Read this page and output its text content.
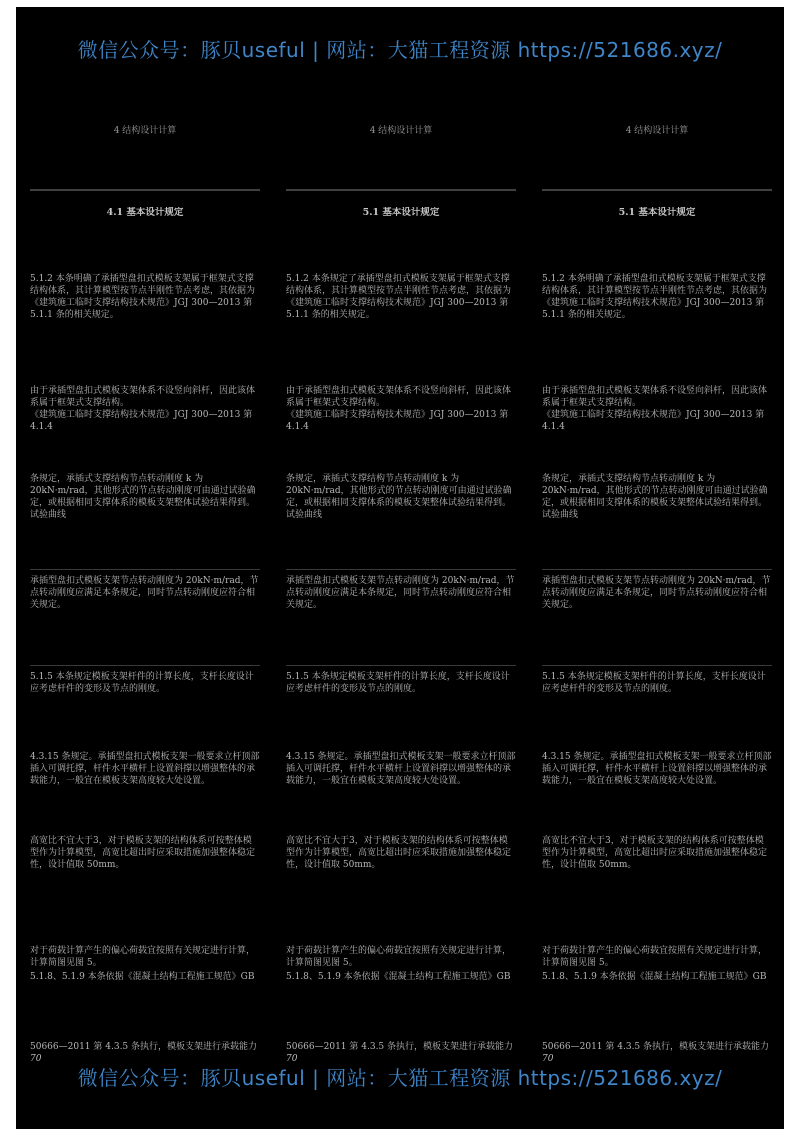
4 结构设计计算
4.1 基本设计规定
5.1.2 本条明确了承插型盘扣式模板支架属于框架式支撑结构体系，其计算模型按节点半刚性节点考虑，其依据为《建筑施工临时支撑结构技术规范》JGJ 300—2013 第 5.1.1 条的相关规定。
由于承插型盘扣式模板支架体系不设竖向斜杆，因此该体系属于框架式支撑结构。
《建筑施工临时支撑结构技术规范》JGJ 300—2013 第 4.1.4
条规定，承插式支撑结构节点转动刚度 k 为 20kN·m/rad，其他形式的节点转动刚度可由通过试验确定，或根据相同支撑体系的模板支架整体试验结果得到。试验曲线
承插型盘扣式模板支架节点转动刚度为 20kN·m/rad，节点转动刚度应满足本条规定，同时节点转动刚度应符合相关规定。
5.1.5 本条规定模板支架杆件的计算长度，支杆长度设计应考虑杆件的变形及节点的刚度。
4.3.15 条规定。承插型盘扣式模板支架一般要求立杆顶部插入可调托撑，杆件水平横杆上设置斜撑以增强整体的承载能力，一般宜在模板支架高度较大处设置。
高宽比不宜大于3，对于模板支架的结构体系可按整体模型作为计算模型，高宽比超出时应采取措施加强整体稳定性，设计值取 50mm。
对于荷载计算产生的偏心荷载宜按照有关规定进行计算，计算简图见图 5。
5.1.8、5.1.9 本条依据《混凝土结构工程施工规范》GB
50666—2011 第 4.3.5 条执行，模板支架进行承载能力
70
4 结构设计计算
5.1 基本设计规定
5.1.2 本条规定了承插型盘扣式模板支架属于框架式支撑结构体系，其计算模型按节点半刚性节点考虑，其依据为《建筑施工临时支撑结构技术规范》JGJ 300—2013 第 5.1.1 条的相关规定。
由于承插型盘扣式模板支架体系不设竖向斜杆，因此该体系属于框架式支撑结构。
《建筑施工临时支撑结构技术规范》JGJ 300—2013 第 4.1.4
条规定，承插式支撑结构节点转动刚度 k 为 20kN·m/rad，其他形式的节点转动刚度可由通过试验确定，或根据相同支撑体系的模板支架整体试验结果得到。试验曲线
承插型盘扣式模板支架节点转动刚度为 20kN·m/rad，节点转动刚度应满足本条规定，同时节点转动刚度应符合相关规定。
5.1.5 本条规定模板支架杆件的计算长度，支杆长度设计应考虑杆件的变形及节点的刚度。
4.3.15 条规定。承插型盘扣式模板支架一般要求立杆顶部插入可调托撑，杆件水平横杆上设置斜撑以增强整体的承载能力，一般宜在模板支架高度较大处设置。
高宽比不宜大于3，对于模板支架的结构体系可按整体模型作为计算模型，高宽比超出时应采取措施加强整体稳定性，设计值取 50mm。
对于荷载计算产生的偏心荷载宜按照有关规定进行计算，计算简图见图 5。
5.1.8、5.1.9 本条依据《混凝土结构工程施工规范》GB
50666—2011 第 4.3.5 条执行，模板支架进行承载能力
70
4 结构设计计算
5.1 基本设计规定
5.1.2 本条明确了承插型盘扣式模板支架属于框架式支撑结构体系，其计算模型按节点半刚性节点考虑，其依据为《建筑施工临时支撑结构技术规范》JGJ 300—2013 第 5.1.1 条的相关规定。
由于承插型盘扣式模板支架体系不设竖向斜杆，因此该体系属于框架式支撑结构。
《建筑施工临时支撑结构技术规范》JGJ 300—2013 第 4.1.4
条规定，承插式支撑结构节点转动刚度 k 为 20kN·m/rad，其他形式的节点转动刚度可由通过试验确定，或根据相同支撑体系的模板支架整体试验结果得到。试验曲线
承插型盘扣式模板支架节点转动刚度为 20kN·m/rad，节点转动刚度应满足本条规定，同时节点转动刚度应符合相关规定。
5.1.5 本条规定模板支架杆件的计算长度，支杆长度设计应考虑杆件的变形及节点的刚度。
4.3.15 条规定。承插型盘扣式模板支架一般要求立杆顶部插入可调托撑，杆件水平横杆上设置斜撑以增强整体的承载能力，一般宜在模板支架高度较大处设置。
高宽比不宜大于3，对于模板支架的结构体系可按整体模型作为计算模型，高宽比超出时应采取措施加强整体稳定性，设计值取 50mm。
对于荷载计算产生的偏心荷载宜按照有关规定进行计算，计算简图见图 5。
5.1.8、5.1.9 本条依据《混凝土结构工程施工规范》GB
50666—2011 第 4.3.5 条执行，模板支架进行承载能力
70
微信公众号：豚贝useful | 网站：大猫工程资源 https://521686.xyz/
微信公众号：豚贝useful | 网站：大猫工程资源 https://521686.xyz/
